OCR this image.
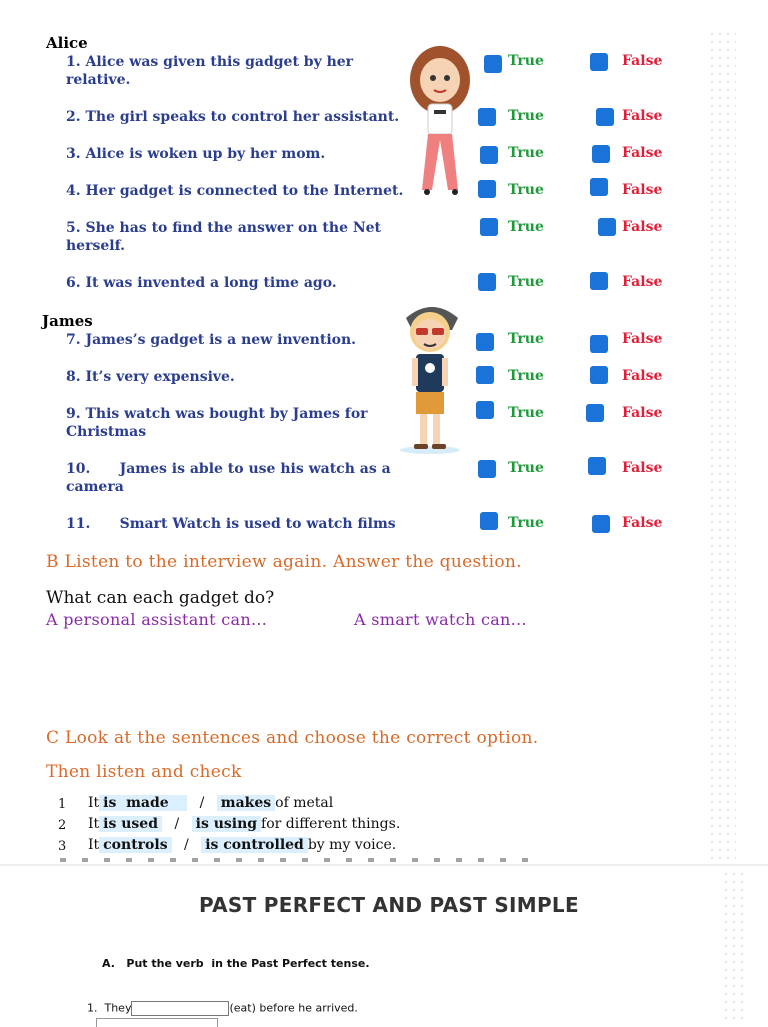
Alice
1. Alice was given this gadget by her relative.
True	False
2. The girl speaks to control her assistant.	True	False
3. Alice is woken up by her mom.	True	False
4. Her gadget is connected to the Internet.	True	False
5. She has to find the answer on the Net herself.
True	False
6. It was invented a long time ago.	True	False
James
7. James’s gadget is a new invention.	True	False
8. It’s very expensive.	True	False
9. This watch was bought by James for Christmas
True	False
10.      James is able to use his watch as a camera
True	False
11.      Smart Watch is used to watch films	True	False
B Listen to the interview again. Answer the question.
What can each gadget do?
A personal assistant can...	A smart watch can...
C Look at the sentences and choose the correct option.
Then listen and check
1 It is  made / makes of metal
2 It is used / is using for different things.
3 It controls / is controlled by my voice.
PAST PERFECT AND PAST SIMPLE
A.   Put the verb  in the Past Perfect tense.

1.  They	(eat) before he arrived.
